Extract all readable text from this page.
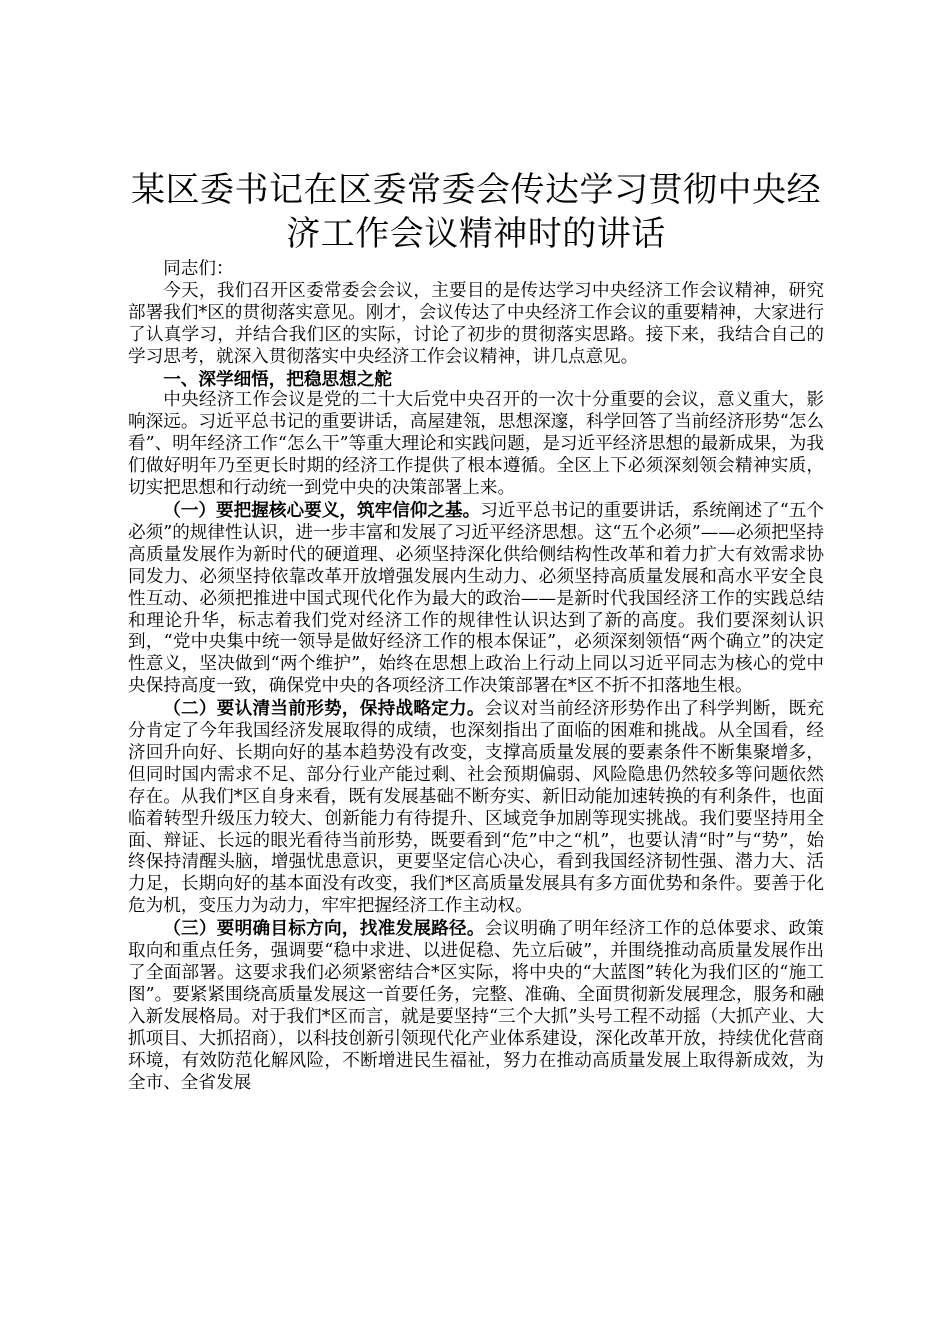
某区委书记在区委常委会传达学习贯彻中央经济工作会议精神时的讲话

同志们：

今天，我们召开区委常委会会议，主要目的是传达学习中央经济工作会议精神，研究部署我们*区的贯彻落实意见。刚才，会议传达了中央经济工作会议的重要精神，大家进行了认真学习，并结合我们区的实际，讨论了初步的贯彻落实思路。接下来，我结合自己的学习思考，就深入贯彻落实中央经济工作会议精神，讲几点意见。

一、深学细悟，把稳思想之舵

中央经济工作会议是党的二十大后党中央召开的一次十分重要的会议，意义重大，影响深远。习近平总书记的重要讲话，高屋建瓴，思想深邃，科学回答了当前经济形势“怎么看”、明年经济工作“怎么干”等重大理论和实践问题，是习近平经济思想的最新成果，为我们做好明年乃至更长时期的经济工作提供了根本遵循。全区上下必须深刻领会精神实质，切实把思想和行动统一到党中央的决策部署上来。

（一）要把握核心要义，筑牢信仰之基。习近平总书记的重要讲话，系统阐述了“五个必须”的规律性认识，进一步丰富和发展了习近平经济思想。这“五个必须”——必须把坚持高质量发展作为新时代的硬道理、必须坚持深化供给侧结构性改革和着力扩大有效需求协同发力、必须坚持依靠改革开放增强发展内生动力、必须坚持高质量发展和高水平安全良性互动、必须把推进中国式现代化作为最大的政治——是新时代我国经济工作的实践总结和理论升华，标志着我们党对经济工作的规律性认识达到了新的高度。我们要深刻认识到，“党中央集中统一领导是做好经济工作的根本保证”，必须深刻领悟“两个确立”的决定性意义，坚决做到“两个维护”，始终在思想上政治上行动上同以习近平同志为核心的党中央保持高度一致，确保党中央的各项经济工作决策部署在*区不折不扣落地生根。

（二）要认清当前形势，保持战略定力。会议对当前经济形势作出了科学判断，既充分肯定了今年我国经济发展取得的成绩，也深刻指出了面临的困难和挑战。从全国看，经济回升向好、长期向好的基本趋势没有改变，支撑高质量发展的要素条件不断集聚增多，但同时国内需求不足、部分行业产能过剩、社会预期偏弱、风险隐患仍然较多等问题依然存在。从我们*区自身来看，既有发展基础不断夯实、新旧动能加速转换的有利条件，也面临着转型升级压力较大、创新能力有待提升、区域竞争加剧等现实挑战。我们要坚持用全面、辩证、长远的眼光看待当前形势，既要看到“危”中之“机”，也要认清“时”与“势”，始终保持清醒头脑，增强忧患意识，更要坚定信心决心，看到我国经济韧性强、潜力大、活力足，长期向好的基本面没有改变，我们*区高质量发展具有多方面优势和条件。要善于化危为机，变压力为动力，牢牢把握经济工作主动权。

（三）要明确目标方向，找准发展路径。会议明确了明年经济工作的总体要求、政策取向和重点任务，强调要“稳中求进、以进促稳、先立后破”，并围绕推动高质量发展作出了全面部署。这要求我们必须紧密结合*区实际，将中央的“大蓝图”转化为我们区的“施工图”。要紧紧围绕高质量发展这一首要任务，完整、准确、全面贯彻新发展理念，服务和融入新发展格局。对于我们*区而言，就是要坚持“三个大抓”头号工程不动摇（大抓产业、大抓项目、大抓招商），以科技创新引领现代化产业体系建设，深化改革开放，持续优化营商环境，有效防范化解风险，不断增进民生福祉，努力在推动高质量发展上取得新成效，为全市、全省发展
